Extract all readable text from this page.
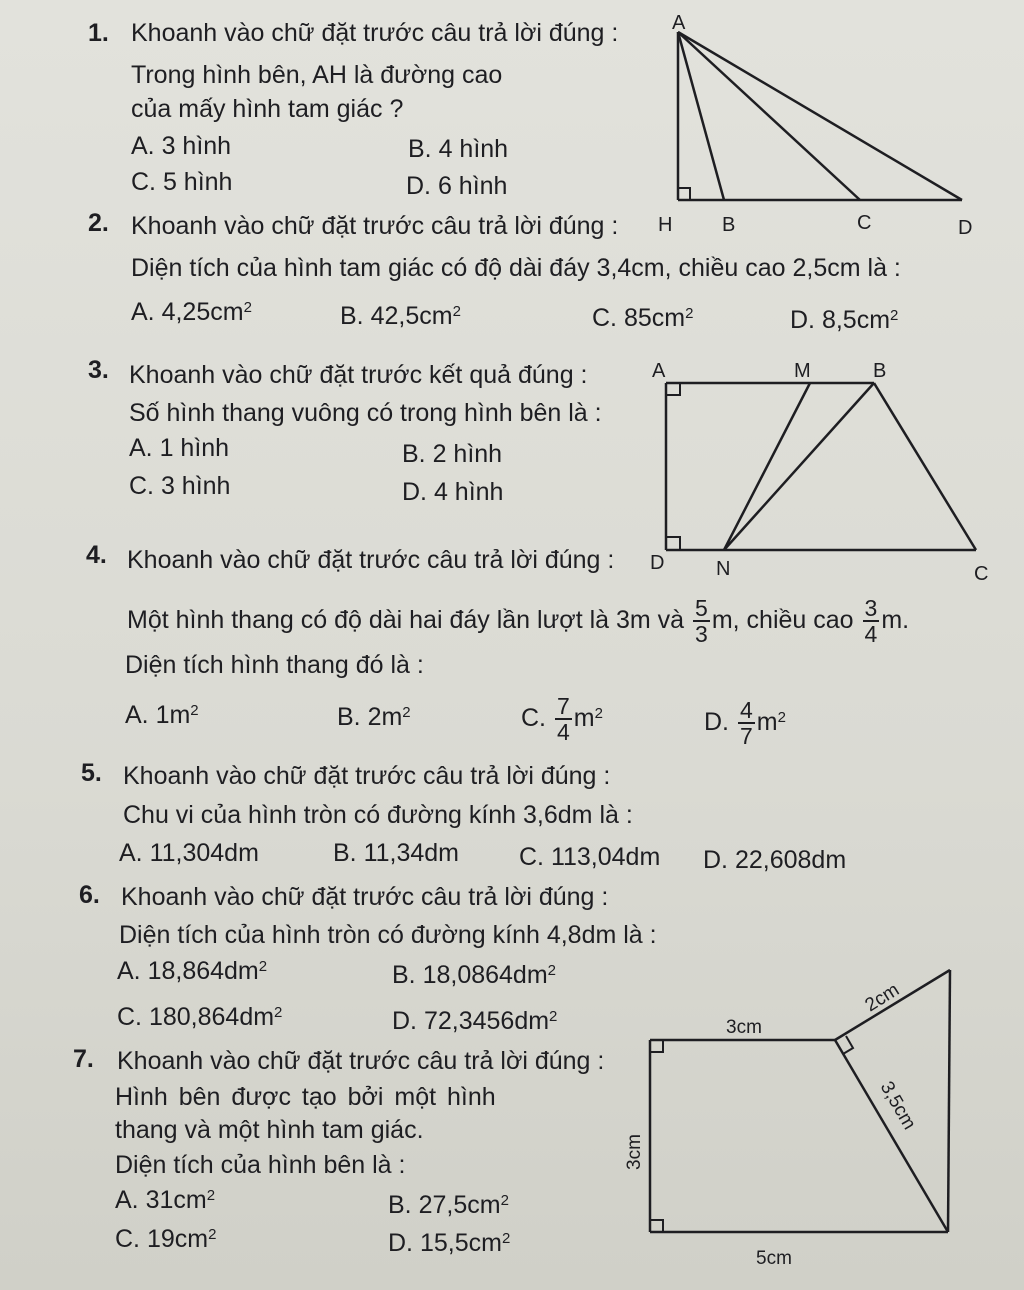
1. Khoanh vào chữ đặt trước câu trả lời đúng :
Trong hình bên, AH là đường cao
của mấy hình tam giác ?
A. 3 hình	B. 4 hình
C. 5 hình	D. 6 hình
2. Khoanh vào chữ đặt trước câu trả lời đúng :
Diện tích của hình tam giác có độ dài đáy 3,4cm, chiều cao 2,5cm là :
A. $4,25cm^2$	B. $42,5cm^2$	C. $85cm^2$	D. $8,5cm^2$
3. Khoanh vào chữ đặt trước kết quả đúng :
Số hình thang vuông có trong hình bên là :
A. 1 hình	B. 2 hình
C. 3 hình	D. 4 hình
4. Khoanh vào chữ đặt trước câu trả lời đúng :
Một hình thang có độ dài hai đáy lần lượt là 3m và $\frac{5}{3} m$, chiều cao $\frac{3}{4} m$.
Diện tích hình thang đó là :
A. $1m^2$	B. $2m^2$	C. $\frac{7}{4} m^2$	D. $\frac{4}{7} m^2$
5. Khoanh vào chữ đặt trước câu trả lời đúng :
Chu vi của hình tròn có đường kính 3,6dm là :
A. 11,304dm	B. 11,34dm C. 113,04dm D. 22,608dm
6. Khoanh vào chữ đặt trước câu trả lời đúng :
Diện tích của hình tròn có đường kính 4,8dm là :
A. $18,864dm^2$	B. $18,0864dm^2$
C. $180,864dm^2$	D. $72,3456dm^2$
7. Khoanh vào chữ đặt trước câu trả lời đúng :
Hình bên được tạo bởi một hình
thang và một hình tam giác.
Diện tích của hình bên là :
A. $31cm^2$	B. $27,5cm^2$
C. $19cm^2$	D. $15,5cm^2$
A
H B	C	D
A	M	B
D	N	C
3cm
5cm
3cm
2cm
3,5cm
